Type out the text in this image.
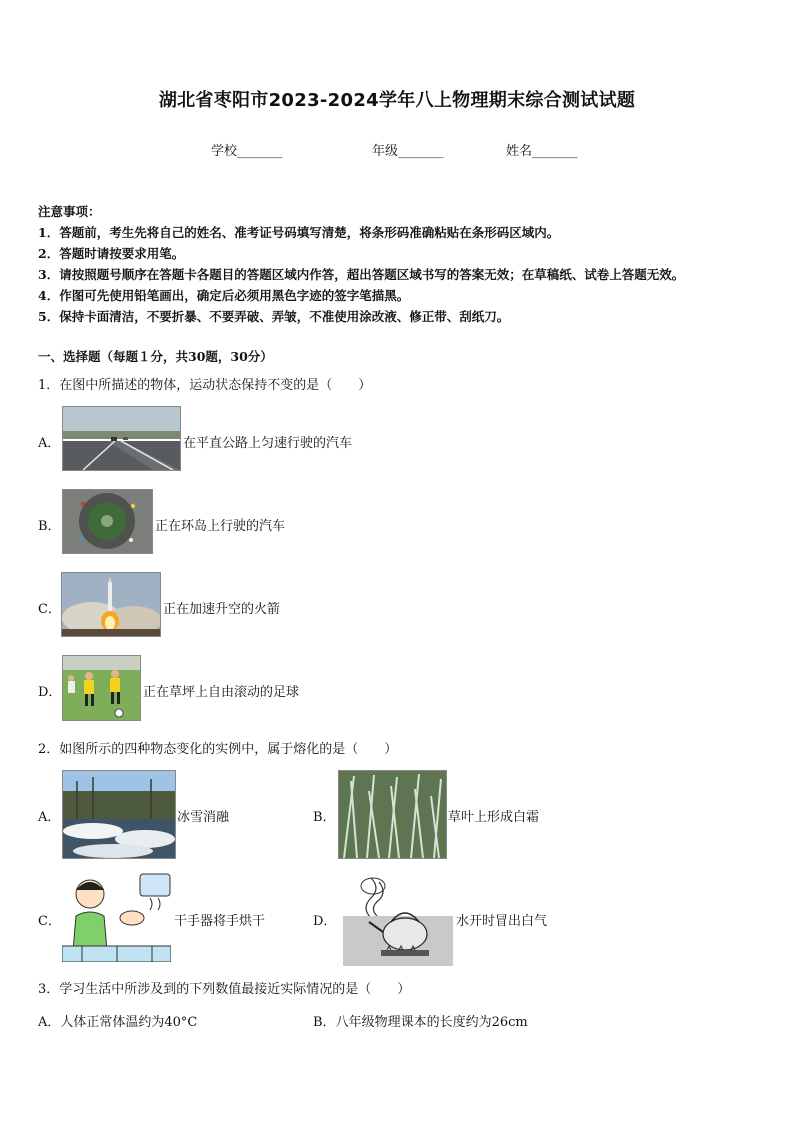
湖北省枣阳市2023-2024学年八上物理期末综合测试试题
学校_______	年级_______	姓名_______
注意事项：
1．答题前，考生先将自己的姓名、准考证号码填写清楚，将条形码准确粘贴在条形码区域内。
2．答题时请按要求用笔。
3．请按照题号顺序在答题卡各题目的答题区域内作答，超出答题区域书写的答案无效；在草稿纸、试卷上答题无效。
4．作图可先使用铅笔画出，确定后必须用黑色字迹的签字笔描黑。
5．保持卡面清洁，不要折暴、不要弄破、弄皱，不准使用涂改液、修正带、刮纸刀。
一、选择题（每题１分，共30题，30分）
1．在图中所描述的物体，运动状态保持不变的是（　　）
A．	在平直公路上匀速行驶的汽车
B．	正在环岛上行驶的汽车
C．	正在加速升空的火箭
D．	正在草坪上自由滚动的足球
2．如图所示的四种物态变化的实例中，属于熔化的是（　　）
A．	冰雪消融	B．	草叶上形成白霜
C．	干手器将手烘干	D．	水开时冒出白气
3．学习生活中所涉及到的下列数值最接近实际情况的是（　　）
A．人体正常体温约为40°C	B．八年级物理课本的长度约为26cm
